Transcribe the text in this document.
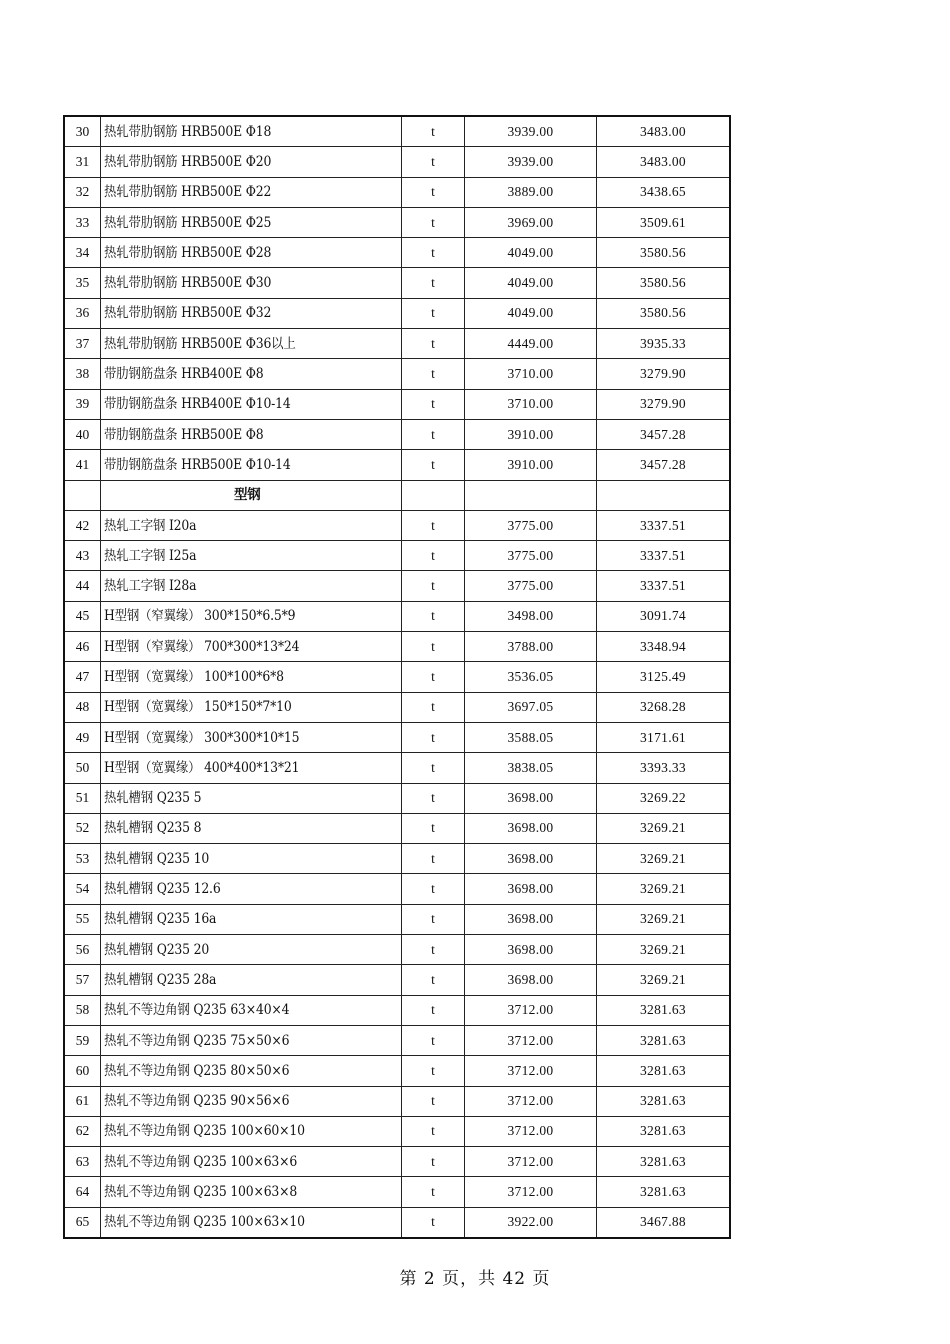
30	热轧带肋钢筋 HRB500E Φ18	t	3939.00	3483.00
31	热轧带肋钢筋 HRB500E Φ20	t	3939.00	3483.00
32	热轧带肋钢筋 HRB500E Φ22	t	3889.00	3438.65
33	热轧带肋钢筋 HRB500E Φ25	t	3969.00	3509.61
34	热轧带肋钢筋 HRB500E Φ28	t	4049.00	3580.56
35	热轧带肋钢筋 HRB500E Φ30	t	4049.00	3580.56
36	热轧带肋钢筋 HRB500E Φ32	t	4049.00	3580.56
37	热轧带肋钢筋 HRB500E Φ36以上	t	4449.00	3935.33
38	带肋钢筋盘条 HRB400E Φ8	t	3710.00	3279.90
39	带肋钢筋盘条 HRB400E Φ10-14	t	3710.00	3279.90
40	带肋钢筋盘条 HRB500E Φ8	t	3910.00	3457.28
41	带肋钢筋盘条 HRB500E Φ10-14	t	3910.00	3457.28
	型钢			
42	热轧工字钢 I20a	t	3775.00	3337.51
43	热轧工字钢 I25a	t	3775.00	3337.51
44	热轧工字钢 I28a	t	3775.00	3337.51
45	H型钢（窄翼缘） 300*150*6.5*9	t	3498.00	3091.74
46	H型钢（窄翼缘） 700*300*13*24	t	3788.00	3348.94
47	H型钢（宽翼缘） 100*100*6*8	t	3536.05	3125.49
48	H型钢（宽翼缘） 150*150*7*10	t	3697.05	3268.28
49	H型钢（宽翼缘） 300*300*10*15	t	3588.05	3171.61
50	H型钢（宽翼缘） 400*400*13*21	t	3838.05	3393.33
51	热轧槽钢 Q235 5	t	3698.00	3269.22
52	热轧槽钢 Q235 8	t	3698.00	3269.21
53	热轧槽钢 Q235 10	t	3698.00	3269.21
54	热轧槽钢 Q235 12.6	t	3698.00	3269.21
55	热轧槽钢 Q235 16a	t	3698.00	3269.21
56	热轧槽钢 Q235 20	t	3698.00	3269.21
57	热轧槽钢 Q235 28a	t	3698.00	3269.21
58	热轧不等边角钢 Q235 63×40×4	t	3712.00	3281.63
59	热轧不等边角钢 Q235 75×50×6	t	3712.00	3281.63
60	热轧不等边角钢 Q235 80×50×6	t	3712.00	3281.63
61	热轧不等边角钢 Q235 90×56×6	t	3712.00	3281.63
62	热轧不等边角钢 Q235 100×60×10	t	3712.00	3281.63
63	热轧不等边角钢 Q235 100×63×6	t	3712.00	3281.63
64	热轧不等边角钢 Q235 100×63×8	t	3712.00	3281.63
65	热轧不等边角钢 Q235 100×63×10	t	3922.00	3467.88
第 2 页，共 42 页
